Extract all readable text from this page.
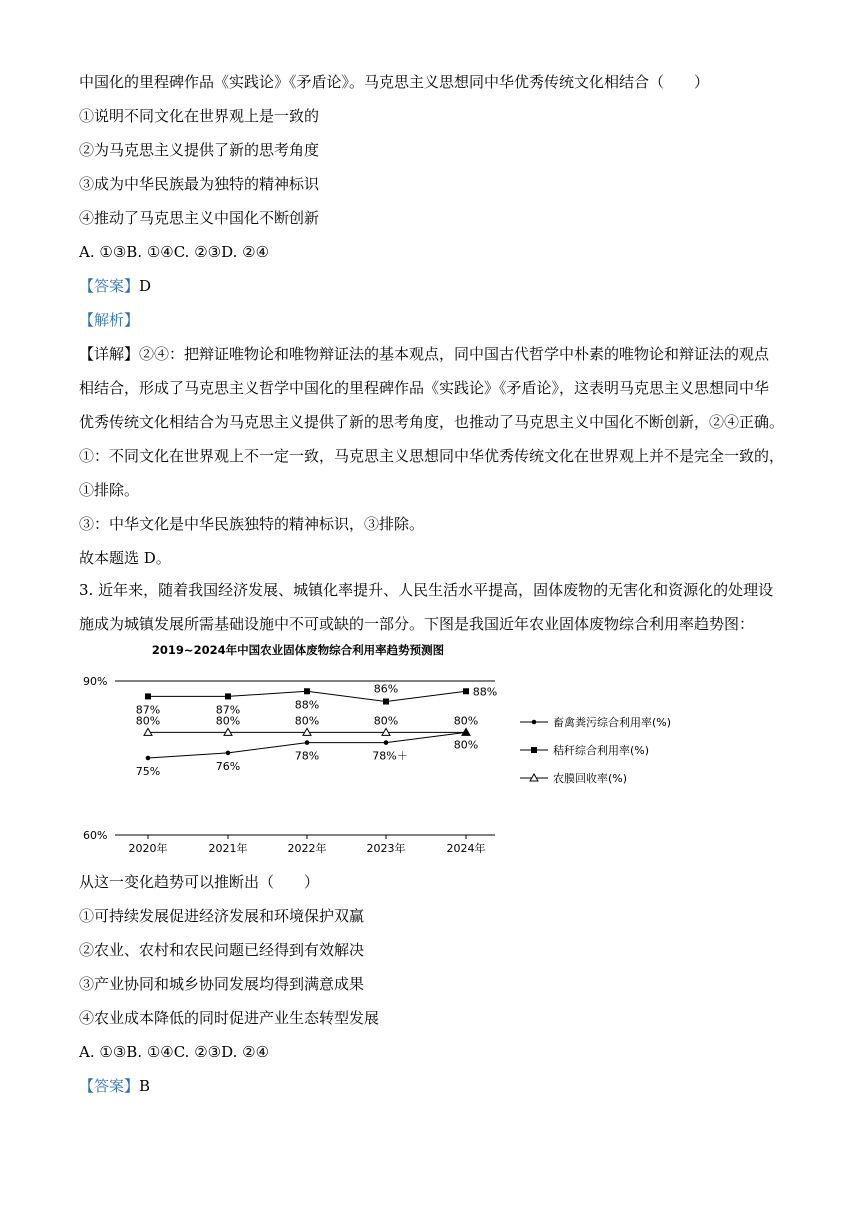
中国化的里程碑作品《实践论》《矛盾论》。马克思主义思想同中华优秀传统文化相结合（　　）
①说明不同文化在世界观上是一致的
②为马克思主义提供了新的思考角度
③成为中华民族最为独特的精神标识
④推动了马克思主义中国化不断创新
A. ①③B. ①④C. ②③D. ②④
【答案】D
【解析】
【详解】②④：把辩证唯物论和唯物辩证法的基本观点，同中国古代哲学中朴素的唯物论和辩证法的观点
相结合，形成了马克思主义哲学中国化的里程碑作品《实践论》《矛盾论》，这表明马克思主义思想同中华
优秀传统文化相结合为马克思主义提供了新的思考角度，也推动了马克思主义中国化不断创新，②④正确。
①：不同文化在世界观上不一定一致，马克思主义思想同中华优秀传统文化在世界观上并不是完全一致的，
①排除。
③：中华文化是中华民族独特的精神标识，③排除。
故本题选 D。
3. 近年来，随着我国经济发展、城镇化率提升、人民生活水平提高，固体废物的无害化和资源化的处理设
施成为城镇发展所需基础设施中不可或缺的一部分。下图是我国近年农业固体废物综合利用率趋势图：
2019~2024年中国农业固体废物综合利用率趋势预测图
90%
60%
2020年	2021年	2022年	2023年	2024年
75%	76%
78%	78%＋
80%
87%	87%	88%
86%	88%
80%	80%	80%	80%	80%	畜禽粪污综合利用率(%)
秸秆综合利用率(%)
农膜回收率(%)
从这一变化趋势可以推断出（　　）
①可持续发展促进经济发展和环境保护双赢
②农业、农村和农民问题已经得到有效解决
③产业协同和城乡协同发展均得到满意成果
④农业成本降低的同时促进产业生态转型发展
A. ①③B. ①④C. ②③D. ②④
【答案】B
